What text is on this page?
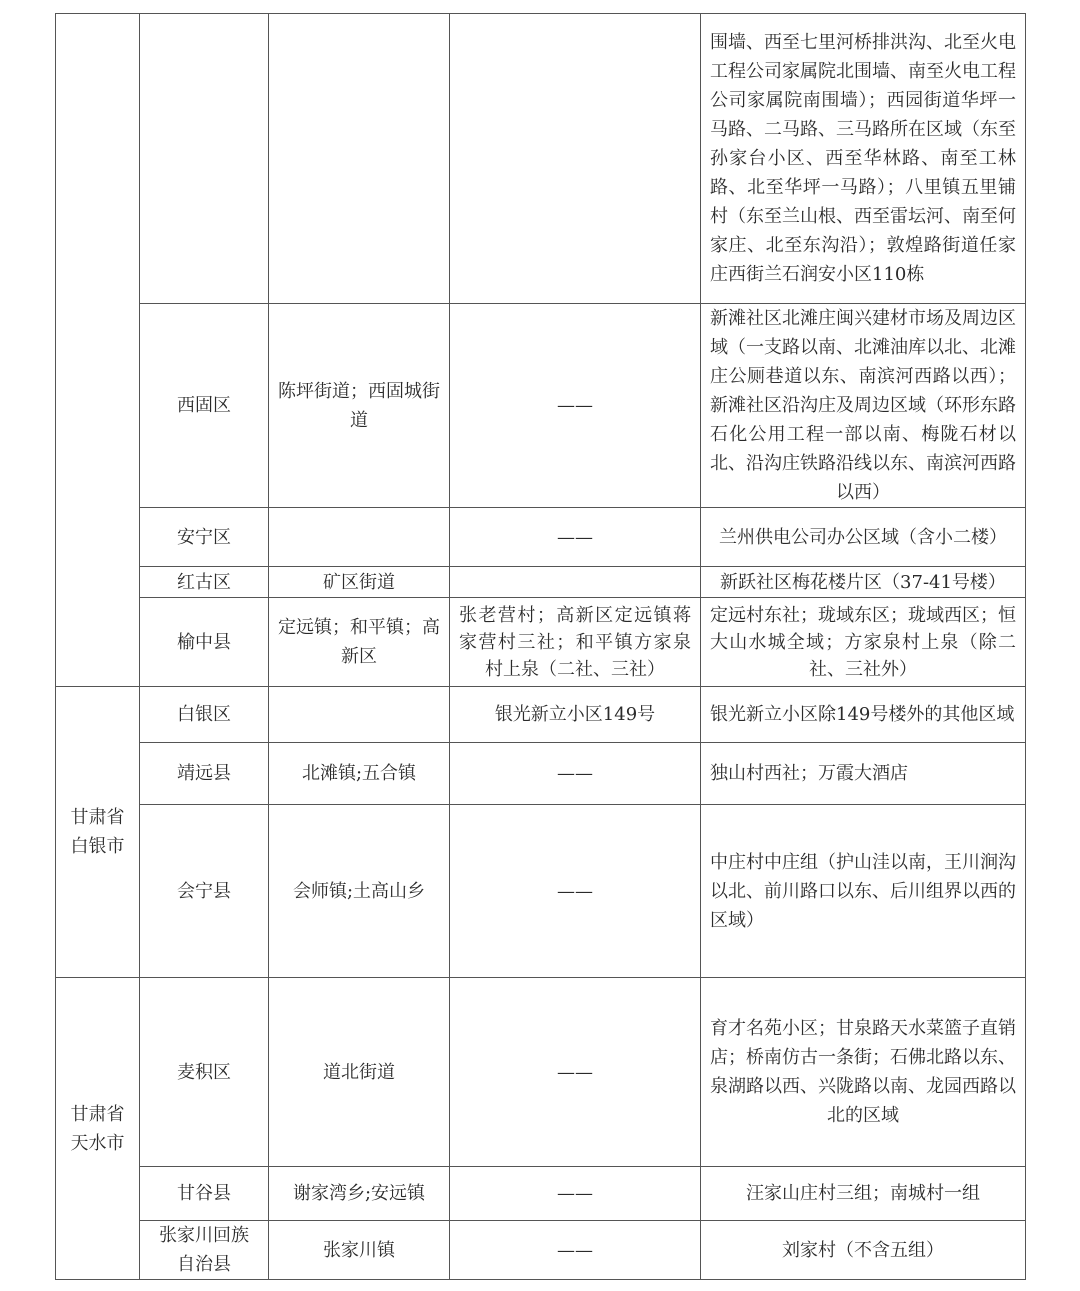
				围墙、西至七里河桥排洪沟、北至火电工程公司家属院北围墙、南至火电工程公司家属院南围墙）；西园街道华坪一马路、二马路、三马路所在区域（东至孙家台小区、西至华林路、南至工林路、北至华坪一马路）；八里镇五里铺村（东至兰山根、西至雷坛河、南至何家庄、北至东沟沿）；敦煌路街道任家庄西街兰石润安小区110栋

	西固区	陈坪街道；西固城街道	——	新滩社区北滩庄闽兴建材市场及周边区域（一支路以南、北滩油库以北、北滩庄公厕巷道以东、南滨河西路以西）；新滩社区沿沟庄及周边区域（环形东路石化公用工程一部以南、梅陇石材以北、沿沟庄铁路沿线以东、南滨河西路以西）

	安宁区		——	兰州供电公司办公区域（含小二楼）

	红古区	矿区街道		新跃社区梅花楼片区（37-41号楼）

	榆中县	定远镇；和平镇；高新区	张老营村；高新区定远镇蒋家营村三社；和平镇方家泉村上泉（二社、三社）	定远村东社；珑域东区；珑域西区；恒大山水城全域；方家泉村上泉（除二社、三社外）

甘肃省白银市	白银区		银光新立小区149号	银光新立小区除149号楼外的其他区域

	靖远县	北滩镇;五合镇	——	独山村西社；万霞大酒店

	会宁县	会师镇;土高山乡	——	中庄村中庄组（护山洼以南，王川涧沟以北、前川路口以东、后川组界以西的区域）

甘肃省天水市	麦积区	道北街道	——	育才名苑小区；甘泉路天水菜篮子直销店；桥南仿古一条街；石佛北路以东、泉湖路以西、兴陇路以南、龙园西路以北的区域

	甘谷县	谢家湾乡;安远镇	——	汪家山庄村三组；南城村一组

	张家川回族自治县	张家川镇	——	刘家村（不含五组）
